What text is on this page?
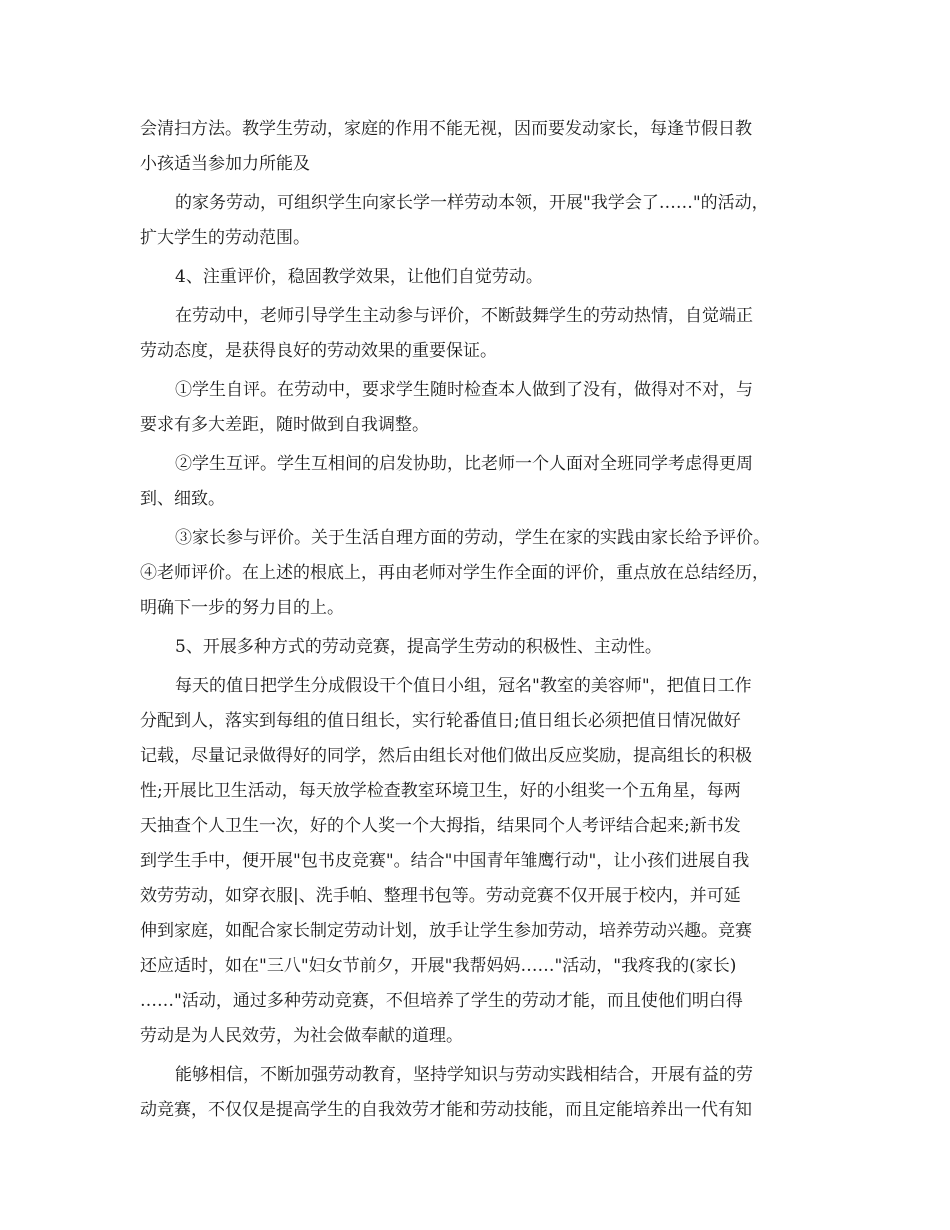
会清扫方法。教学生劳动，家庭的作用不能无视，因而要发动家长，每逢节假日教
小孩适当参加力所能及
的家务劳动，可组织学生向家长学一样劳动本领，开展"我学会了……"的活动，
扩大学生的劳动范围。
4、注重评价，稳固教学效果，让他们自觉劳动。
在劳动中，老师引导学生主动参与评价，不断鼓舞学生的劳动热情，自觉端正
劳动态度，是获得良好的劳动效果的重要保证。
①学生自评。在劳动中，要求学生随时检查本人做到了没有，做得对不对，与
要求有多大差距，随时做到自我调整。
②学生互评。学生互相间的启发协助，比老师一个人面对全班同学考虑得更周
到、细致。
③家长参与评价。关于生活自理方面的劳动，学生在家的实践由家长给予评价。
④老师评价。在上述的根底上，再由老师对学生作全面的评价，重点放在总结经历，
明确下一步的努力目的上。
5、开展多种方式的劳动竞赛，提高学生劳动的积极性、主动性。
每天的值日把学生分成假设干个值日小组，冠名"教室的美容师"，把值日工作
分配到人，落实到每组的值日组长，实行轮番值日;值日组长必须把值日情况做好
记载，尽量记录做得好的同学，然后由组长对他们做出反应奖励，提高组长的积极
性;开展比卫生活动，每天放学检查教室环境卫生，好的小组奖一个五角星，每两
天抽查个人卫生一次，好的个人奖一个大拇指，结果同个人考评结合起来;新书发
到学生手中，便开展"包书皮竞赛"。结合"中国青年雏鹰行动"，让小孩们进展自我
效劳劳动，如穿衣服|、洗手帕、整理书包等。劳动竞赛不仅开展于校内，并可延
伸到家庭，如配合家长制定劳动计划，放手让学生参加劳动，培养劳动兴趣。竞赛
还应适时，如在"三八"妇女节前夕，开展"我帮妈妈……"活动，"我疼我的(家长)
……"活动，通过多种劳动竞赛，不但培养了学生的劳动才能，而且使他们明白得
劳动是为人民效劳，为社会做奉献的道理。
能够相信，不断加强劳动教育，坚持学知识与劳动实践相结合，开展有益的劳
动竞赛，不仅仅是提高学生的自我效劳才能和劳动技能，而且定能培养出一代有知
